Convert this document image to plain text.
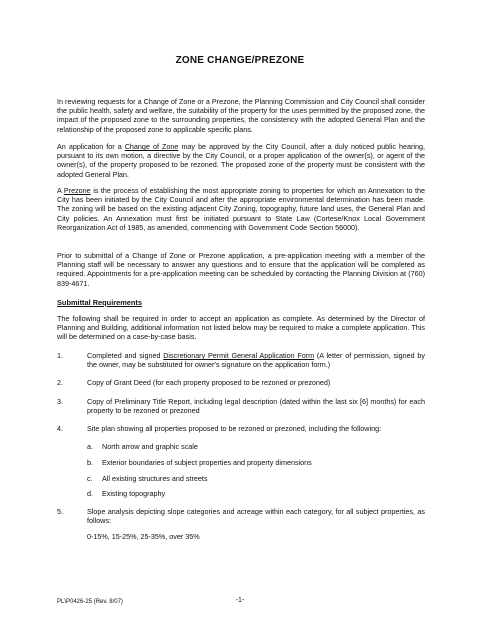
ZONE CHANGE/PREZONE
In reviewing requests for a Change of Zone or a Prezone, the Planning Commission and City Council shall consider the public health, safety and welfare, the suitability of the property for the uses permitted by the proposed zone, the impact of the proposed zone to the surrounding properties, the consistency with the adopted General Plan and the relationship of the proposed zone to applicable specific plans.
An application for a Change of Zone may be approved by the City Council, after a duly noticed public hearing, pursuant to its own motion, a directive by the City Council, or a proper application of the owner(s), or agent of the owner(s), of the property proposed to be rezoned. The proposed zone of the property must be consistent with the adopted General Plan.
A Prezone is the process of establishing the most appropriate zoning to properties for which an Annexation to the City has been initiated by the City Council and after the appropriate environmental determination has been made. The zoning will be based on the existing adjacent City Zoning, topography, future land uses, the General Plan and City policies. An Annexation must first be initiated pursuant to State Law (Cortese/Knox Local Government Reorganization Act of 1985, as amended, commencing with Government Code Section 56000).
Prior to submittal of a Change of Zone or Prezone application, a pre-application meeting with a member of the Planning staff will be necessary to answer any questions and to ensure that the application will be completed as required. Appointments for a pre-application meeting can be scheduled by contacting the Planning Division at (760) 839-4671.
Submittal Requirements
The following shall be required in order to accept an application as complete. As determined by the Director of Planning and Building, additional information not listed below may be required to make a complete application. This will be determined on a case-by-case basis.
1.	Completed and signed Discretionary Permit General Application Form (A letter of permission, signed by the owner, may be substituted for owner's signature on the application form.)
2.	Copy of Grant Deed (for each property proposed to be rezoned or prezoned)
3.	Copy of Preliminary Title Report, including legal description (dated within the last six [6] months) for each property to be rezoned or prezoned
4.	Site plan showing all properties proposed to be rezoned or prezoned, including the following:
a.	North arrow and graphic scale
b.	Exterior boundaries of subject properties and property dimensions
c.	All existing structures and streets
d.	Existing topography
5.	Slope analysis depicting slope categories and acreage within each category, for all subject properties, as follows:
0-15%, 15-25%, 25-35%, over 35%
PL\P0426-25 (Rev. 8/07)	-1-
